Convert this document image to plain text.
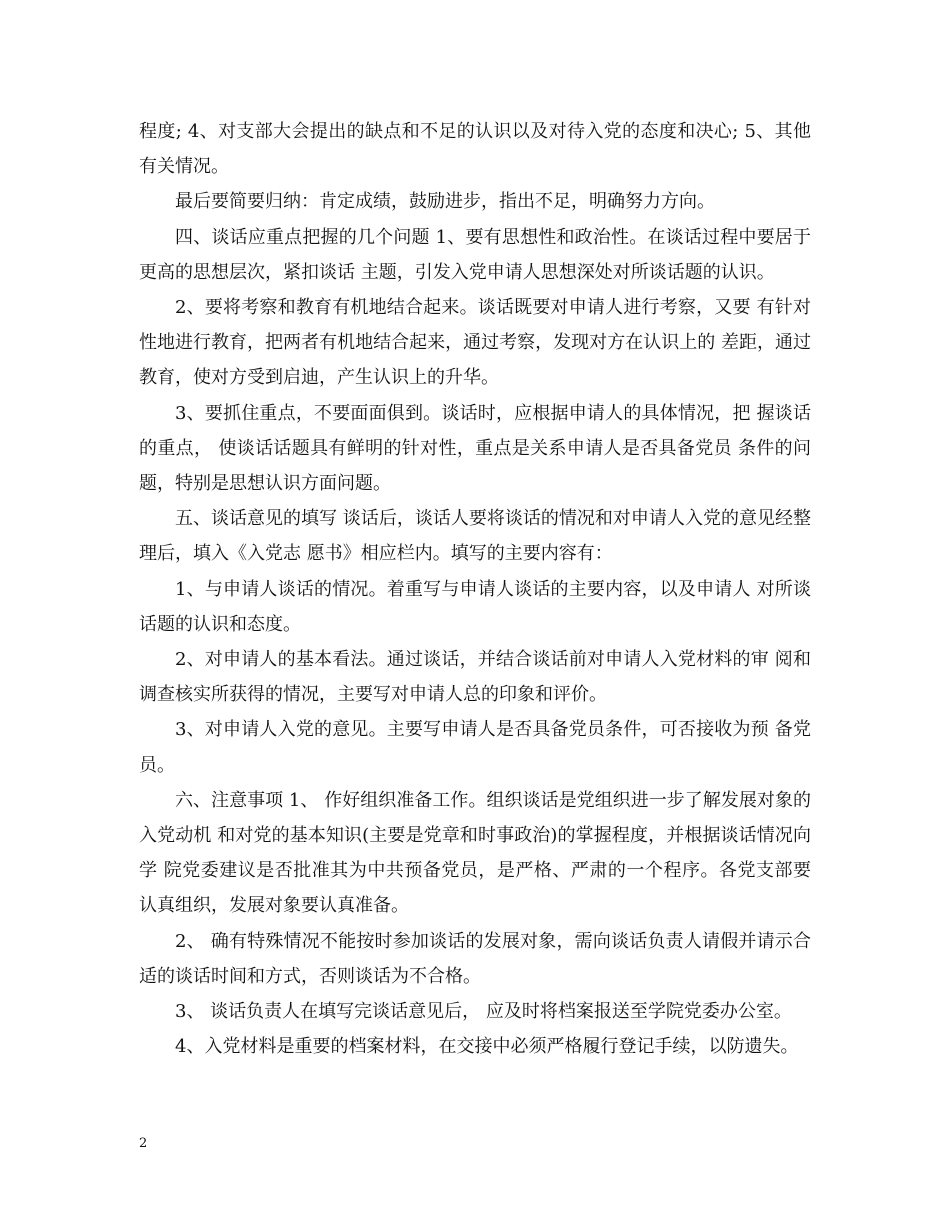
程度; 4、对支部大会提出的缺点和不足的认识以及对待入党的态度和决心; 5、其他有关情况。

最后要简要归纳：肯定成绩，鼓励进步，指出不足，明确努力方向。

四、谈话应重点把握的几个问题 1、要有思想性和政治性。在谈话过程中要居于更高的思想层次，紧扣谈话 主题，引发入党申请人思想深处对所谈话题的认识。

2、要将考察和教育有机地结合起来。谈话既要对申请人进行考察，又要 有针对性地进行教育，把两者有机地结合起来，通过考察，发现对方在认识上的 差距，通过教育，使对方受到启迪，产生认识上的升华。

3、要抓住重点，不要面面俱到。谈话时，应根据申请人的具体情况，把 握谈话的重点， 使谈话话题具有鲜明的针对性，重点是关系申请人是否具备党员 条件的问题，特别是思想认识方面问题。

五、谈话意见的填写 谈话后，谈话人要将谈话的情况和对申请人入党的意见经整理后，填入《入党志 愿书》相应栏内。填写的主要内容有：

1、与申请人谈话的情况。着重写与申请人谈话的主要内容，以及申请人 对所谈话题的认识和态度。

2、对申请人的基本看法。通过谈话，并结合谈话前对申请人入党材料的审 阅和调查核实所获得的情况，主要写对申请人总的印象和评价。

3、对申请人入党的意见。主要写申请人是否具备党员条件，可否接收为预 备党员。

六、注意事项 1、 作好组织准备工作。组织谈话是党组织进一步了解发展对象的入党动机 和对党的基本知识(主要是党章和时事政治)的掌握程度，并根据谈话情况向学 院党委建议是否批准其为中共预备党员，是严格、严肃的一个程序。各党支部要 认真组织，发展对象要认真准备。

2、 确有特殊情况不能按时参加谈话的发展对象，需向谈话负责人请假并请示合适的谈话时间和方式，否则谈话为不合格。

3、 谈话负责人在填写完谈话意见后， 应及时将档案报送至学院党委办公室。

4、入党材料是重要的档案材料，在交接中必须严格履行登记手续，以防遗失。

2
